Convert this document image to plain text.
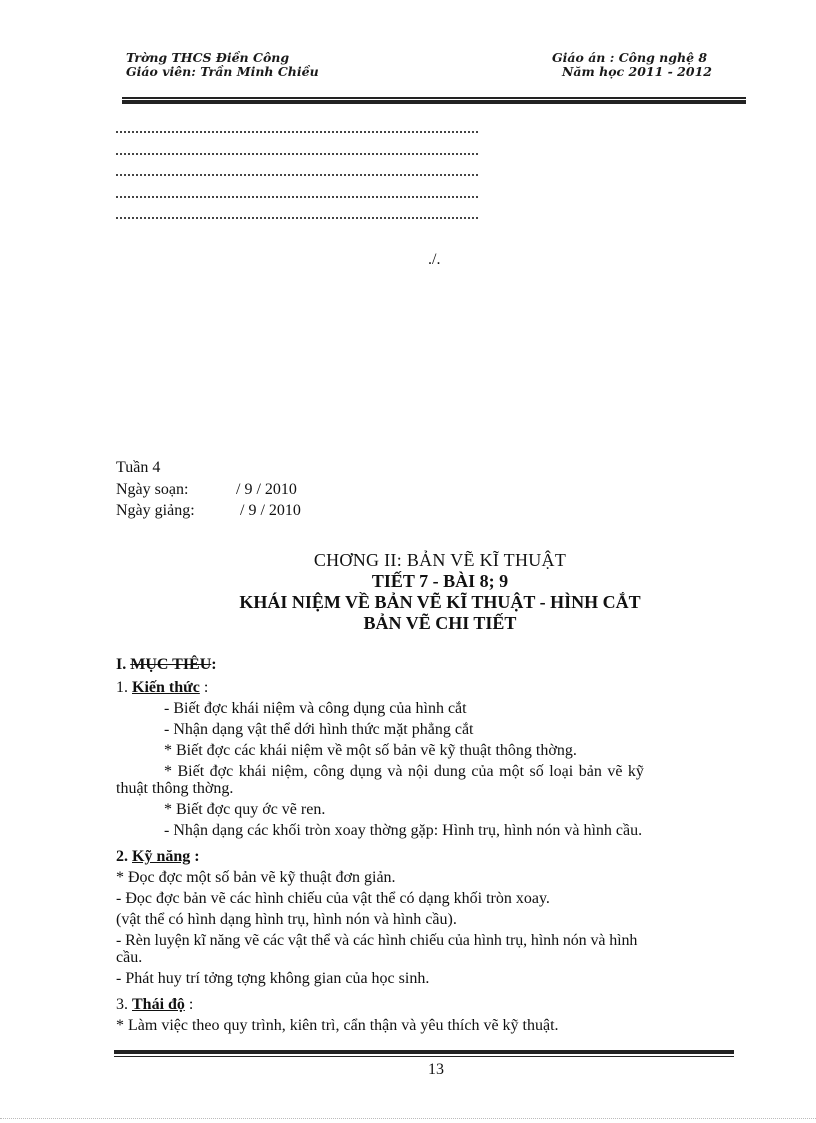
Trờng THCS Điền Công
Giáo viên: Trần Minh Chiều
Giáo án : Công nghệ 8
Năm học 2011 - 2012
./.
Tuần 4
Ngày soạn:	/ 9 / 2010
Ngày giảng:	/ 9 / 2010
CHƠNG II: BẢN VẼ KĨ THUẬT
TIẾT 7 - BÀI 8; 9
KHÁI NIỆM VỀ BẢN VẼ KĨ THUẬT - HÌNH CẮT
BẢN VẼ CHI TIẾT
I. MỤC TIÊU:
1. Kiến thức :
- Biết đợc khái niệm và công dụng của hình cắt
- Nhận dạng vật thể dới hình thức mặt phẳng cắt
* Biết đợc các khái niệm về một số bản vẽ kỹ thuật thông thờng.
* Biết đợc khái niệm, công dụng và nội dung của một số loại bản vẽ kỹ
thuật thông thờng.
* Biết đợc quy ớc vẽ ren.
- Nhận dạng các khối tròn xoay thờng gặp: Hình trụ, hình nón và hình cầu.
2. Kỹ năng :
* Đọc đợc một số bản vẽ kỹ thuật đơn giản.
- Đọc đợc bản vẽ các hình chiếu của vật thể có dạng khối tròn xoay.
(vật thể có hình dạng hình trụ, hình nón và hình cầu).
- Rèn luyện kĩ năng vẽ các vật thể và các hình chiếu của hình trụ, hình nón và hình
cầu.
- Phát huy trí tởng tợng không gian của học sinh.
3. Thái độ :
* Làm việc theo quy trình, kiên trì, cẩn thận và yêu thích vẽ kỹ thuật.
13
